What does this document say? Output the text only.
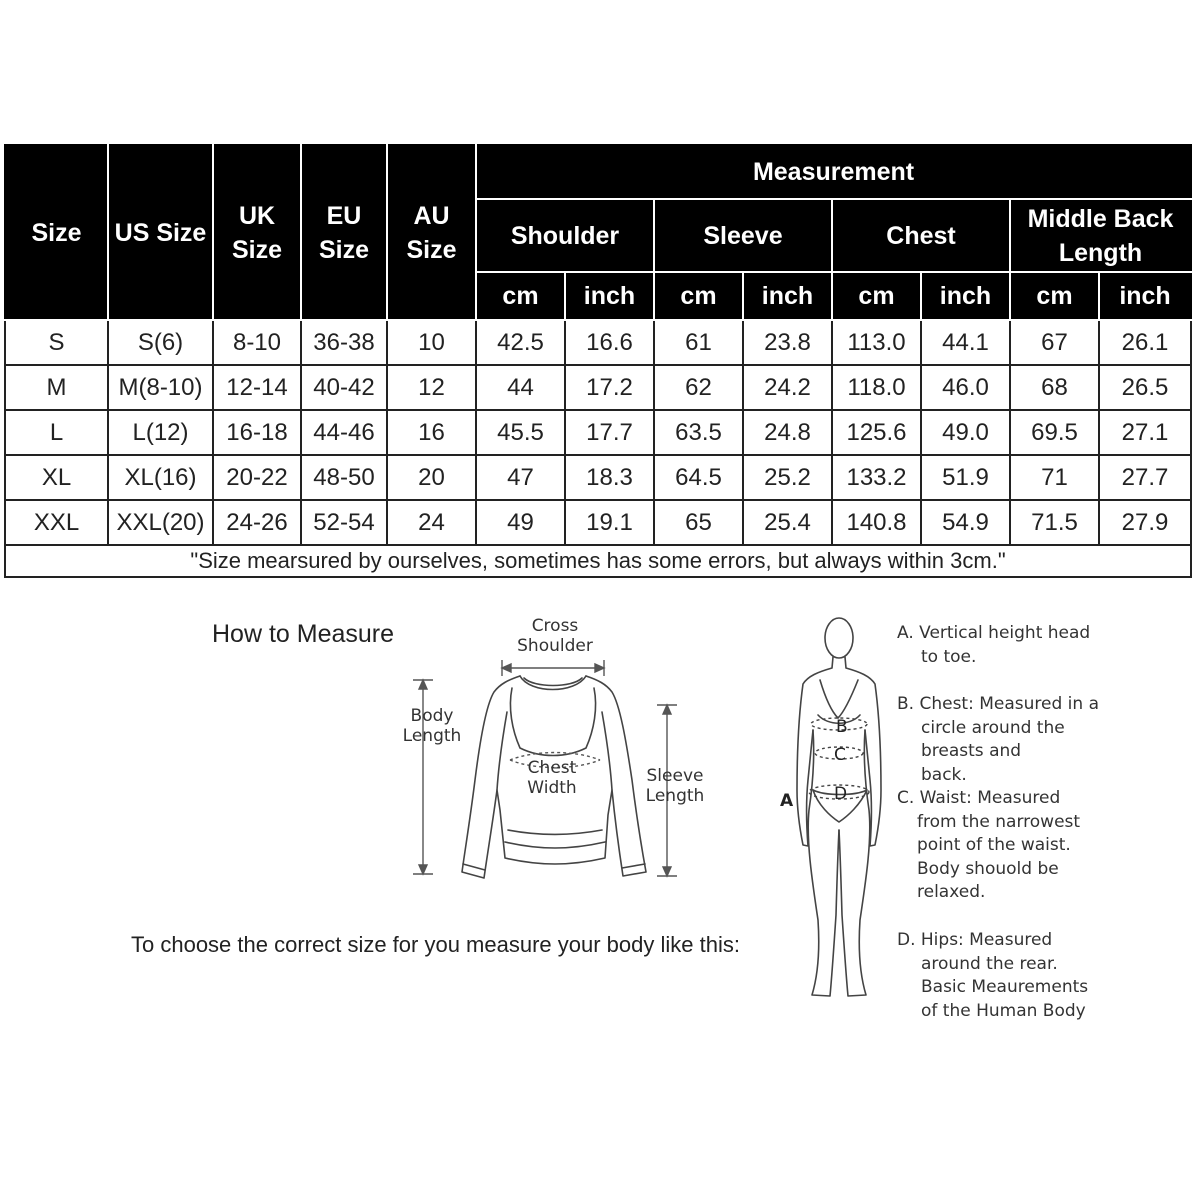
Size	US Size	UK Size	EU Size	AU Size	Measurement							
					Shoulder		Sleeve		Chest		Middle Back Length	
					cm	inch	cm	inch	cm	inch	cm	inch
S	S(6)	8-10	36-38	10	42.5	16.6	61	23.8	113.0	44.1	67	26.1
M	M(8-10)	12-14	40-42	12	44	17.2	62	24.2	118.0	46.0	68	26.5
L	L(12)	16-18	44-46	16	45.5	17.7	63.5	24.8	125.6	49.0	69.5	27.1
XL	XL(16)	20-22	48-50	20	47	18.3	64.5	25.2	133.2	51.9	71	27.7
XXL	XXL(20)	24-26	52-54	24	49	19.1	65	25.4	140.8	54.9	71.5	27.9
"Size mearsured by ourselves, sometimes has some errors, but always within 3cm."												
How to Measure	Cross Shoulder
Body Length
Chest Width
Sleeve Length
To choose the correct size for you measure your body like this:
B
C
D
A
A. Vertical height head
to toe.
B. Chest: Measured in a
circle around the breasts and back.
C. Waist: Measured
from the narrowest point of the waist. Body shouold be relaxed.
D. Hips: Measured
around the rear. Basic Meaurements of the Human Body
